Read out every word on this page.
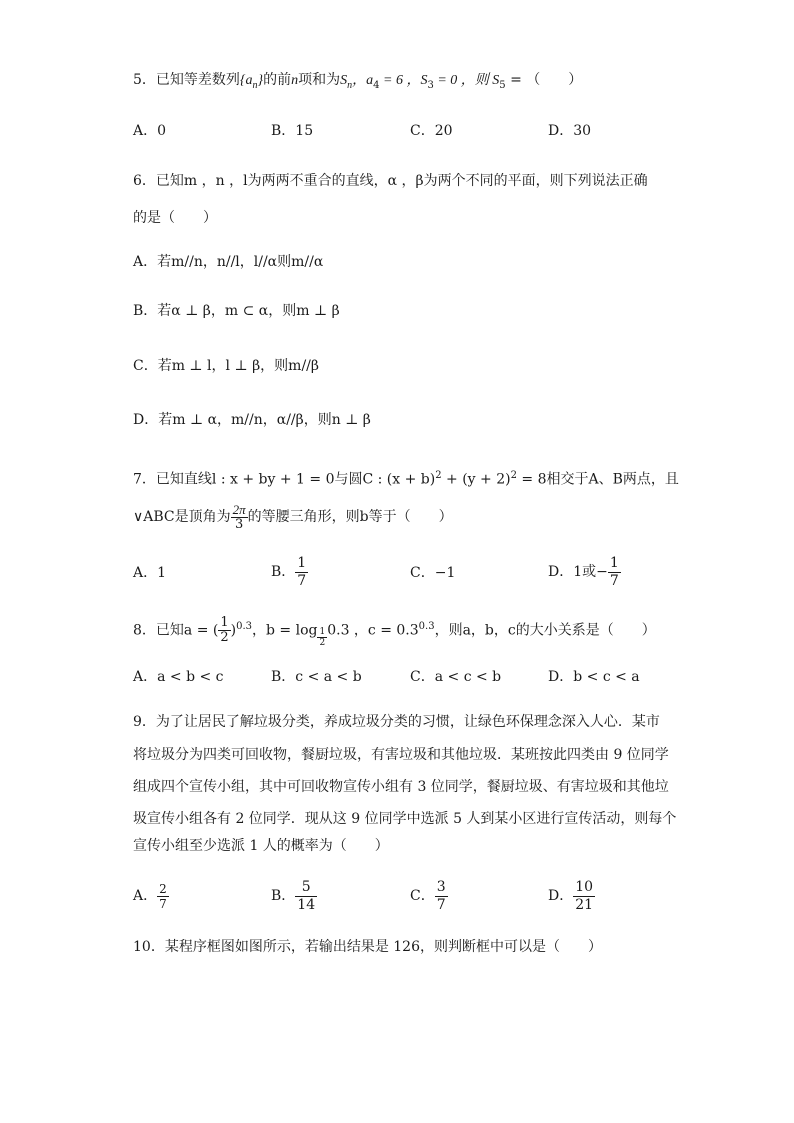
5．已知等差数列$\{a_n\}$的前n项和为$S_n$，$a_4 = 6$ ，$S_3 = 0$ ，则 $S_5$ = （　　）
A．0	B．15	C．20	D．30
6．已知m ，n ，l为两两不重合的直线，α ，β为两个不同的平面，则下列说法正确
的是（　　）
A．若m//n，n//l，l//α则m//α
B．若α ⊥ β，m ⊂ α，则m ⊥ β
C．若m ⊥ l，l ⊥ β，则m//β
D．若m ⊥ α，m//n，α//β，则n ⊥ β
7．已知直线l : x + by + 1 = 0与圆C : $(x + b)^2 + (y + 2)^2 = 8$相交于A、B两点，且
∨ABC是顶角为 $\frac{2\pi}{3}$ 的等腰三角形，则b等于（　　）
A．1	B． $\frac{1}{7}$	C．−1	D．1或− $\frac{1}{7}$
8．已知a = ( $\frac{1}{2} )^{0.3}$，$b = \log \frac{1}{2} 0.3$ ，$c = 0.3^{0.3}$，则a，b，c的大小关系是（　　）
A．a < b < c	B．c < a < b	C．a < c < b	D．b < c < a
9．为了让居民了解垃圾分类，养成垃圾分类的习惯，让绿色环保理念深入人心．某市
将垃圾分为四类可回收物，餐厨垃圾，有害垃圾和其他垃圾．某班按此四类由 9 位同学
组成四个宣传小组，其中可回收物宣传小组有 3 位同学，餐厨垃圾、有害垃圾和其他垃
圾宣传小组各有 2 位同学．现从这 9 位同学中选派 5 人到某小区进行宣传活动，则每个
宣传小组至少选派 1 人的概率为（　　）
A． $\frac{2}{7}$	B． $\frac{5}{14}$	C． $\frac{3}{7}$	D． $\frac{10}{21}$
10．某程序框图如图所示，若输出结果是 126，则判断框中可以是（　　）
